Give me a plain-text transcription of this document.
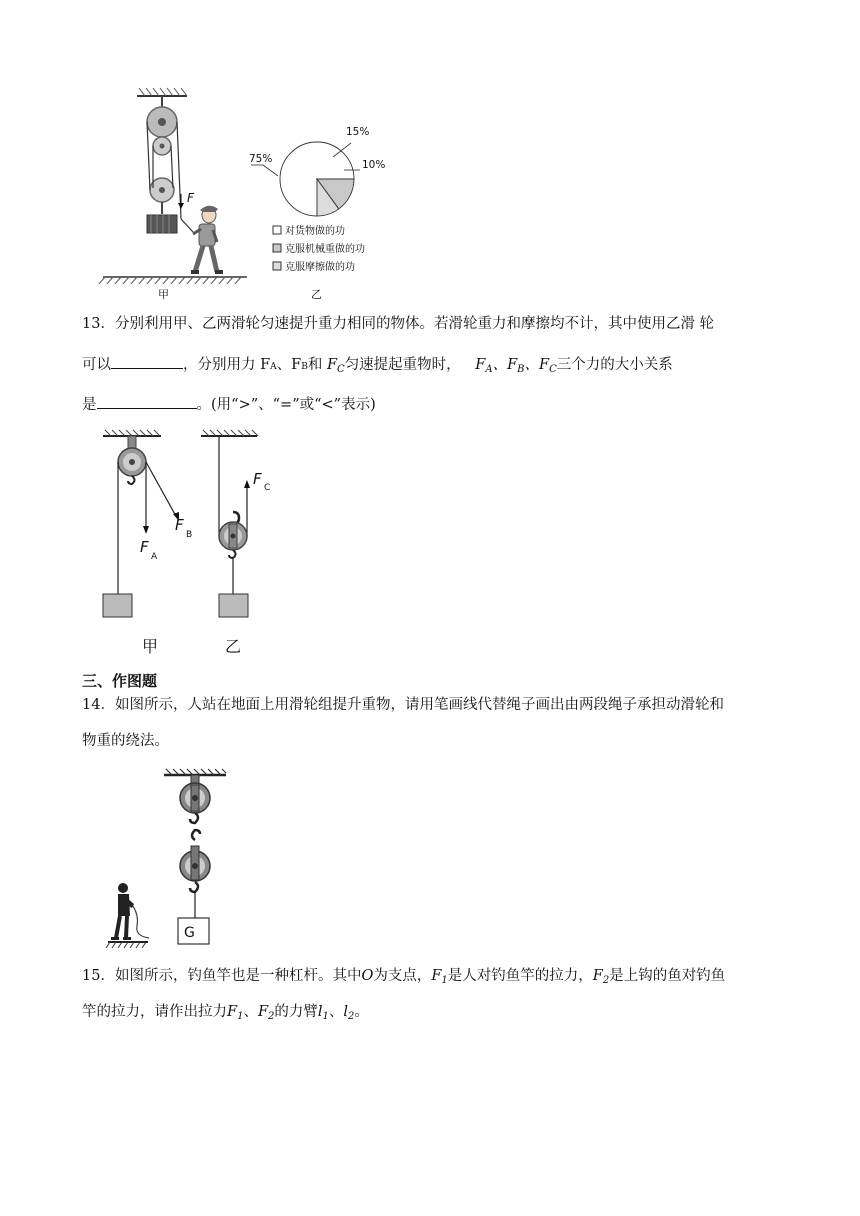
F
甲
75%
15%
10%
对货物做的功
克服机械重做的功
克服摩擦做的功
乙
13．分别利用甲、乙两滑轮匀速提升重力相同的物体。若滑轮重力和摩擦均不计，其中使用乙滑 轮
可以	，分别用力 FA、FB和 $F_C$匀速提起重物时， $F_A$、$F_B$、$F_C$三个力的大小关系
是	。(用“>”、“=”或“<”表示)
F
A
F
B
甲
F C
乙
三、作图题
14．如图所示，人站在地面上用滑轮组提升重物，请用笔画线代替绳子画出由两段绳子承担动滑轮和
物重的绕法。
G
15．如图所示，钓鱼竿也是一种杠杆。其中O为支点，$F_1$是人对钓鱼竿的拉力，$F_2$是上钩的鱼对钓鱼
竿的拉力，请作出拉力$F_1$、$F_2$的力臂$l_1$、$l_2$。
